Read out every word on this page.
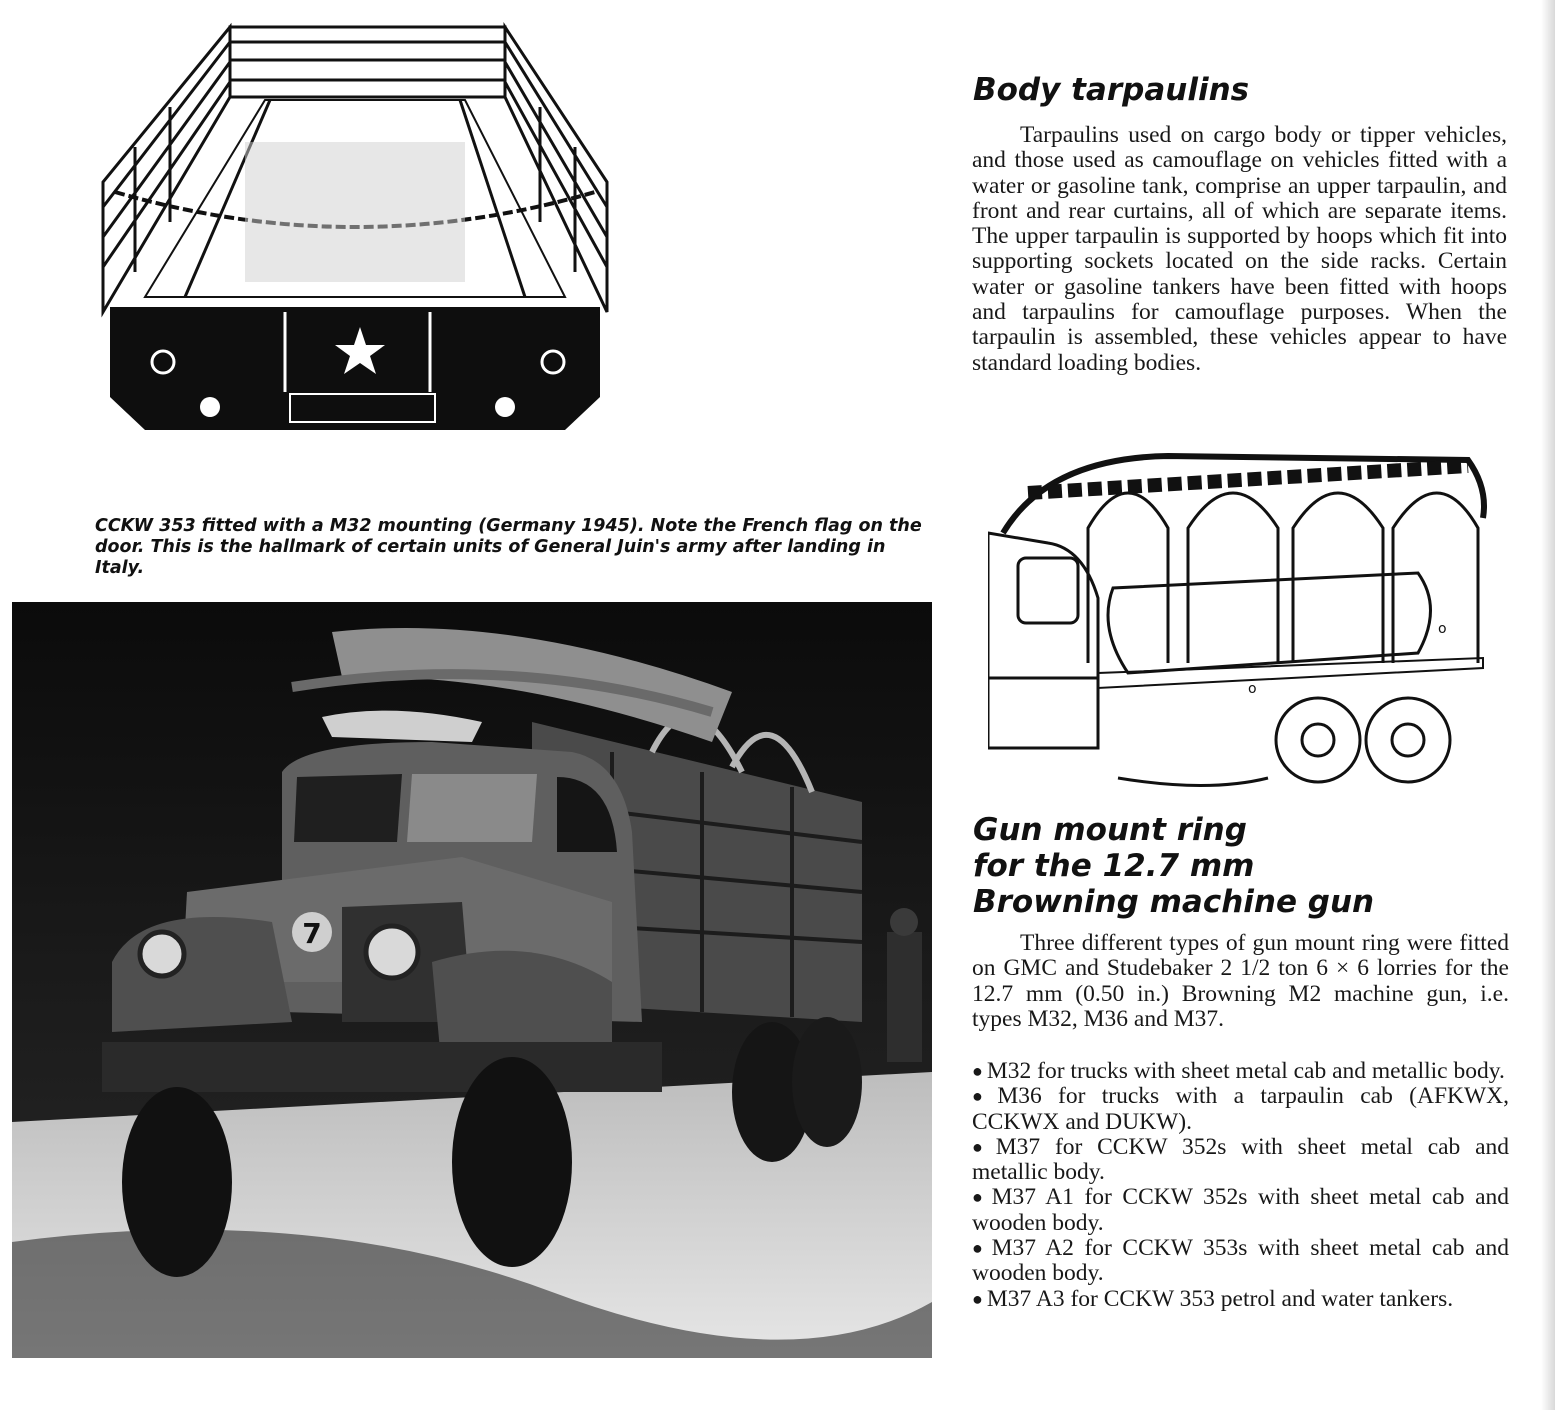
CCKW 353 fitted with a M32 mounting (Germany 1945). Note the French flag on the door. This is the hallmark of certain units of General Juin's army after landing in Italy.

7
Body tarpaulins

Tarpaulins used on cargo body or tipper vehicles, and those used as camouflage on vehicles fitted with a water or gasoline tank, comprise an upper tarpaulin, and front and rear curtains, all of which are separate items. The upper tarpaulin is supported by hoops which fit into supporting sockets located on the side racks. Certain water or gasoline tankers have been fitted with hoops and tarpaulins for camouflage purposes. When the tarpaulin is assembled, these vehicles appear to have standard loading bodies.

o
o
Gun mount ring
for the 12.7 mm
Browning machine gun

Three different types of gun mount ring were fitted on GMC and Studebaker 2 1/2 ton 6 × 6 lorries for the 12.7 mm (0.50 in.) Browning M2 machine gun, i.e. types M32, M36 and M37.

● M32 for trucks with sheet metal cab and metallic body.

● M36 for trucks with a tarpaulin cab (AFKWX, CCKWX and DUKW).

● M37 for CCKW 352s with sheet metal cab and metallic body.

● M37 A1 for CCKW 352s with sheet metal cab and wooden body.

● M37 A2 for CCKW 353s with sheet metal cab and wooden body.

● M37 A3 for CCKW 353 petrol and water tankers.
